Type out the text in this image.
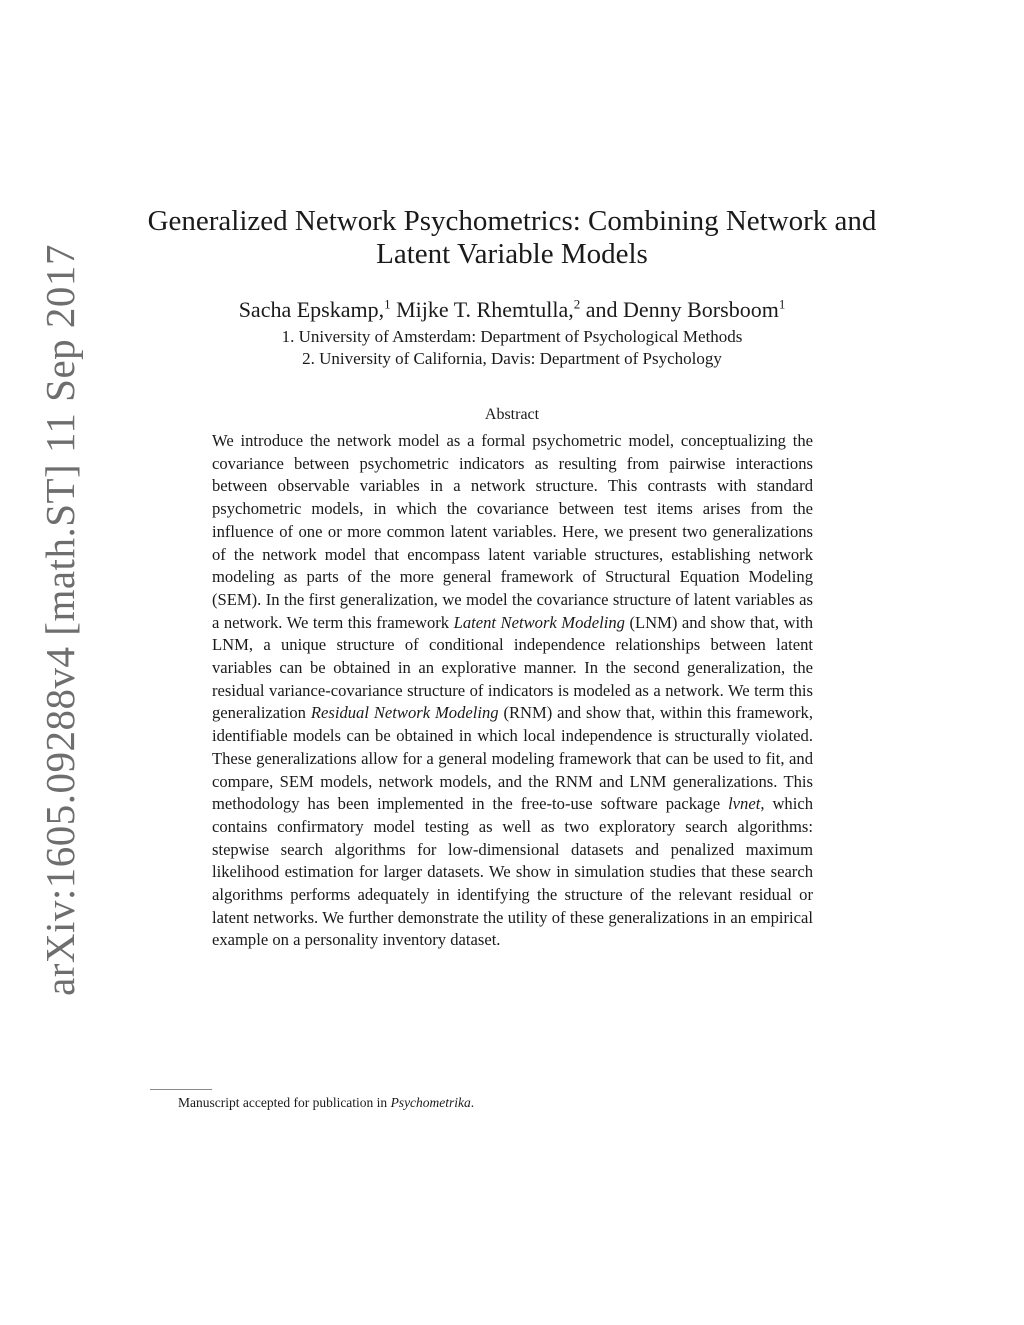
arXiv:1605.09288v4 [math.ST] 11 Sep 2017
Generalized Network Psychometrics: Combining Network and
Latent Variable Models
Sacha Epskamp,$^1$ Mijke T. Rhemtulla,$^2$ and Denny Borsboom$^1$
1. University of Amsterdam: Department of Psychological Methods
2. University of California, Davis: Department of Psychology
Abstract
We introduce the network model as a formal psychometric model, conceptualizing the covariance between psychometric indicators as resulting from pairwise interactions between observable variables in a network structure. This contrasts with standard psychometric models, in which the covariance between test items arises from the influence of one or more common latent variables. Here, we present two generalizations of the network model that encompass latent variable structures, establishing network modeling as parts of the more general framework of Structural Equation Modeling (SEM). In the first generalization, we model the covariance structure of latent variables as a network. We term this framework Latent Network Modeling (LNM) and show that, with LNM, a unique structure of conditional independence relationships between latent variables can be obtained in an explorative manner. In the second generalization, the residual variance-covariance structure of indicators is modeled as a network. We term this generalization Residual Network Modeling (RNM) and show that, within this framework, identifiable models can be obtained in which local independence is structurally violated. These generalizations allow for a general modeling framework that can be used to fit, and compare, SEM models, network models, and the RNM and LNM generalizations. This methodology has been implemented in the free-to-use software package lvnet, which contains confirmatory model testing as well as two exploratory search algorithms: stepwise search algorithms for low-dimensional datasets and penalized maximum likelihood estimation for larger datasets. We show in simulation studies that these search algorithms performs adequately in identifying the structure of the relevant residual or latent networks. We further demonstrate the utility of these generalizations in an empirical example on a personality inventory dataset.
Manuscript accepted for publication in Psychometrika.
